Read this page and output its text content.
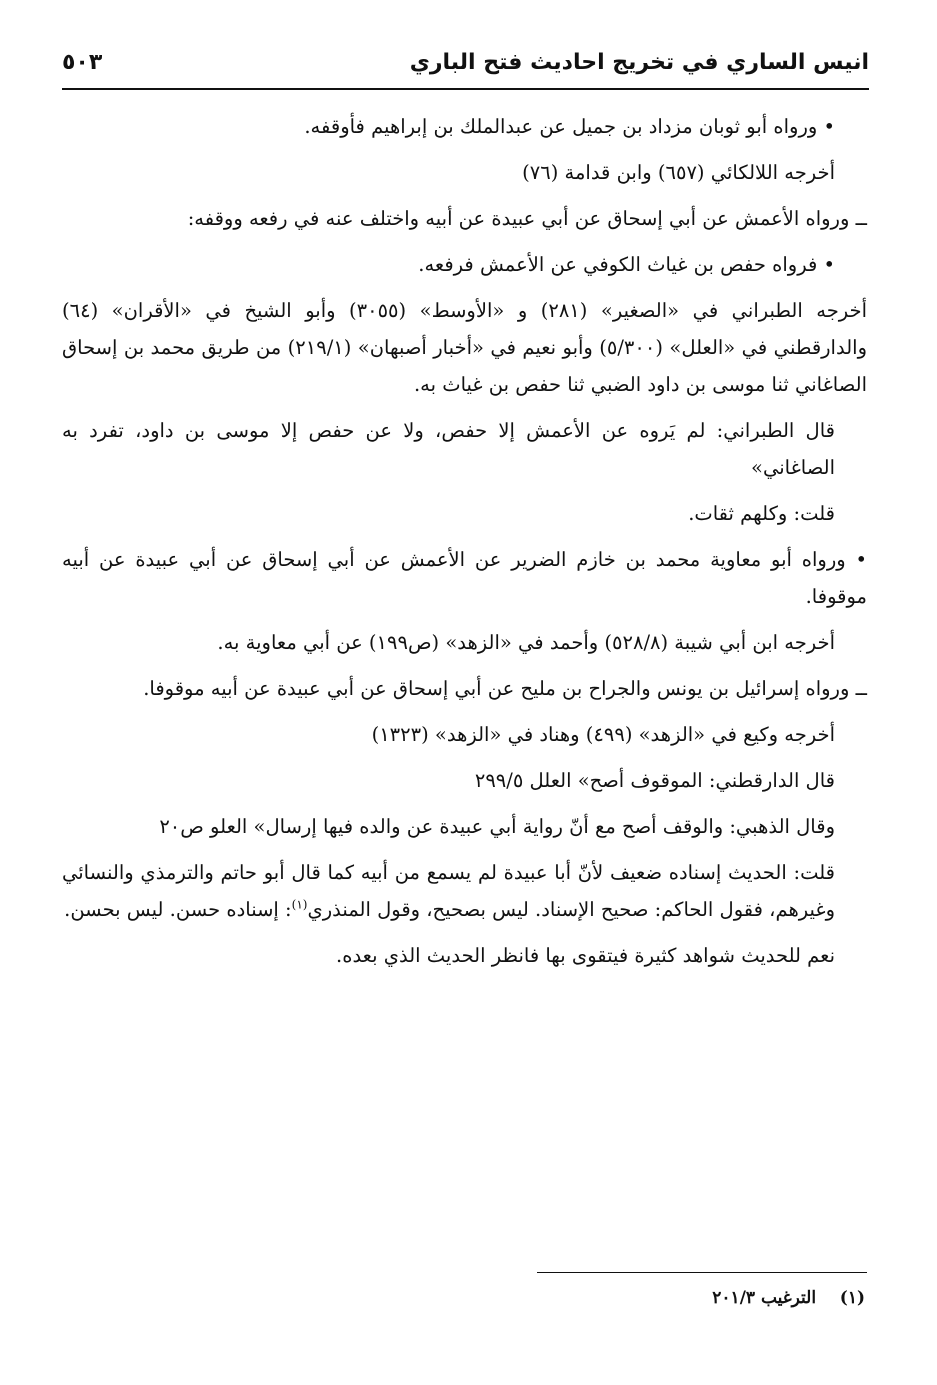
انيس الساري في تخريج احاديث فتح الباري
٥٠٣

• ورواه أبو ثوبان مزداد بن جميل عن عبدالملك بن إبراهيم فأوقفه.

أخرجه اللالكائي (٦٥٧) وابن قدامة (٧٦)

ــ ورواه الأعمش عن أبي إسحاق عن أبي عبيدة عن أبيه واختلف عنه في رفعه ووقفه:

• فرواه حفص بن غياث الكوفي عن الأعمش فرفعه.

أخرجه الطبراني في «الصغير» (٢٨١) و «الأوسط» (٣٠٥٥) وأبو الشيخ في «الأقران» (٦٤) والدارقطني في «العلل» (٥/٣٠٠) وأبو نعيم في «أخبار أصبهان» (٢١٩/١) من طريق محمد بن إسحاق الصاغاني ثنا موسى بن داود الضبي ثنا حفص بن غياث به.

قال الطبراني: لم يَروه عن الأعمش إلا حفص، ولا عن حفص إلا موسى بن داود، تفرد به الصاغاني»

قلت: وكلهم ثقات.

• ورواه أبو معاوية محمد بن خازم الضرير عن الأعمش عن أبي إسحاق عن أبي عبيدة عن أبيه موقوفا.

أخرجه ابن أبي شيبة (٥٢٨/٨) وأحمد في «الزهد» (ص١٩٩) عن أبي معاوية به.

ــ ورواه إسرائيل بن يونس والجراح بن مليح عن أبي إسحاق عن أبي عبيدة عن أبيه موقوفا.

أخرجه وكيع في «الزهد» (٤٩٩) وهناد في «الزهد» (١٣٢٣)

قال الدارقطني: الموقوف أصح» العلل ٢٩٩/٥

وقال الذهبي: والوقف أصح مع أنّ رواية أبي عبيدة عن والده فيها إرسال» العلو ص٢٠

قلت: الحديث إسناده ضعيف لأنّ أبا عبيدة لم يسمع من أبيه كما قال أبو حاتم والترمذي والنسائي وغيرهم، فقول الحاكم: صحيح الإسناد. ليس بصحيح، وقول المنذري$^{(١)}$: إسناده حسن. ليس بحسن.

نعم للحديث شواهد كثيرة فيتقوى بها فانظر الحديث الذي بعده.

(١)    الترغيب ٢٠١/٣
